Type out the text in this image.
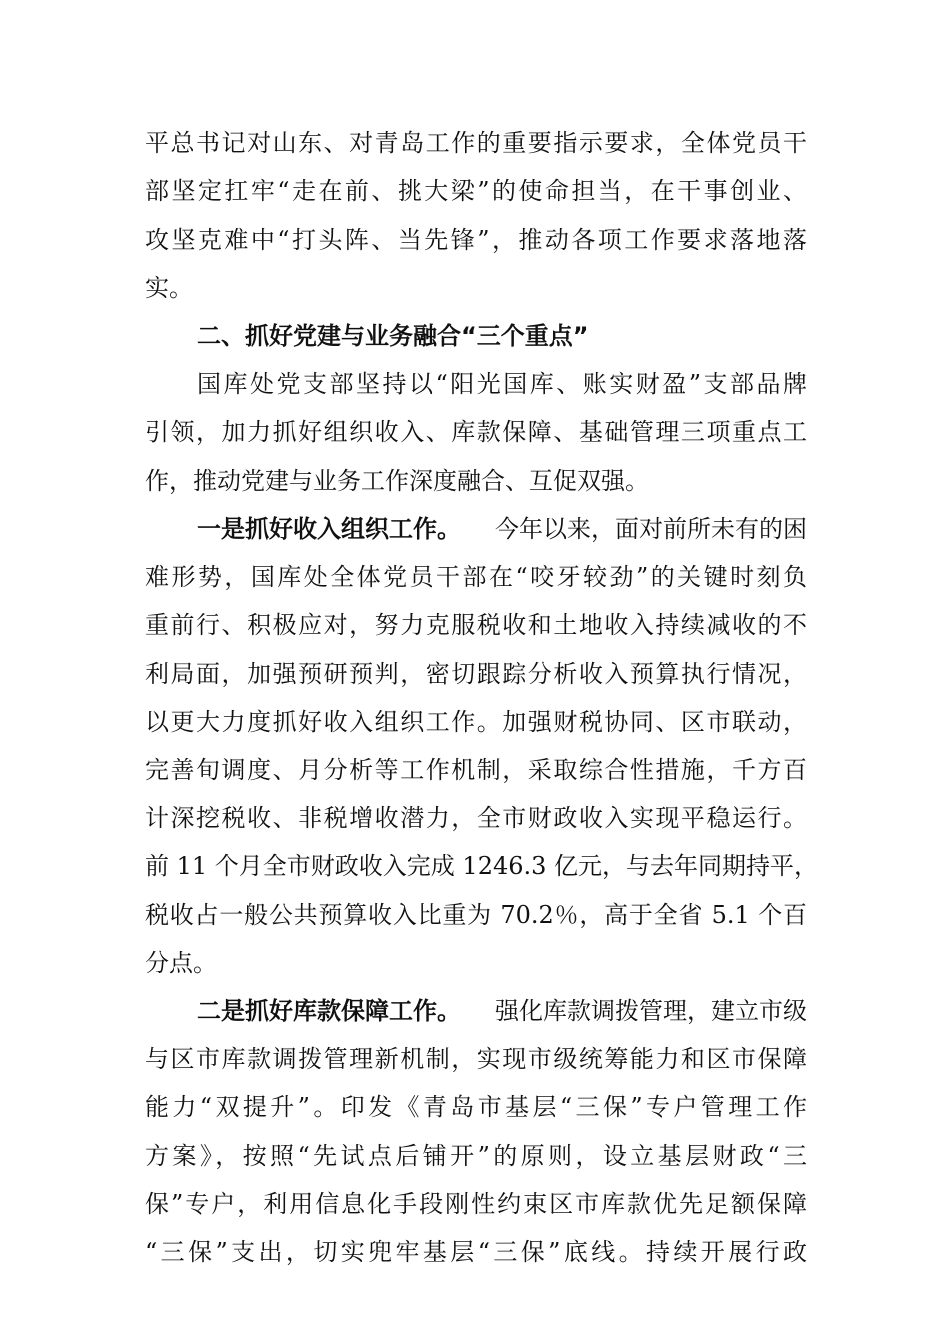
平总书记对山东、对青岛工作的重要指示要求，全体党员干
部坚定扛牢“走在前、挑大梁”的使命担当，在干事创业、
攻坚克难中“打头阵、当先锋”，推动各项工作要求落地落
实。
二、抓好党建与业务融合“三个重点”
国库处党支部坚持以“阳光国库、账实财盈”支部品牌
引领，加力抓好组织收入、库款保障、基础管理三项重点工
作，推动党建与业务工作深度融合、互促双强。
一是抓好收入组织工作。 今年以来，面对前所未有的困
难形势，国库处全体党员干部在“咬牙较劲”的关键时刻负
重前行、积极应对，努力克服税收和土地收入持续减收的不
利局面，加强预研预判，密切跟踪分析收入预算执行情况，
以更大力度抓好收入组织工作。加强财税协同、区市联动，
完善旬调度、月分析等工作机制，采取综合性措施，千方百
计深挖税收、非税增收潜力，全市财政收入实现平稳运行。
前 11 个月全市财政收入完成 1246.3 亿元，与去年同期持平，
税收占一般公共预算收入比重为 70.2％，高于全省 5.1 个百
分点。
二是抓好库款保障工作。 强化库款调拨管理，建立市级
与区市库款调拨管理新机制，实现市级统筹能力和区市保障
能力“双提升”。印发《青岛市基层“三保”专户管理工作
方案》，按照“先试点后铺开”的原则，设立基层财政“三
保”专户，利用信息化手段刚性约束区市库款优先足额保障
“三保”支出，切实兜牢基层“三保”底线。持续开展行政
